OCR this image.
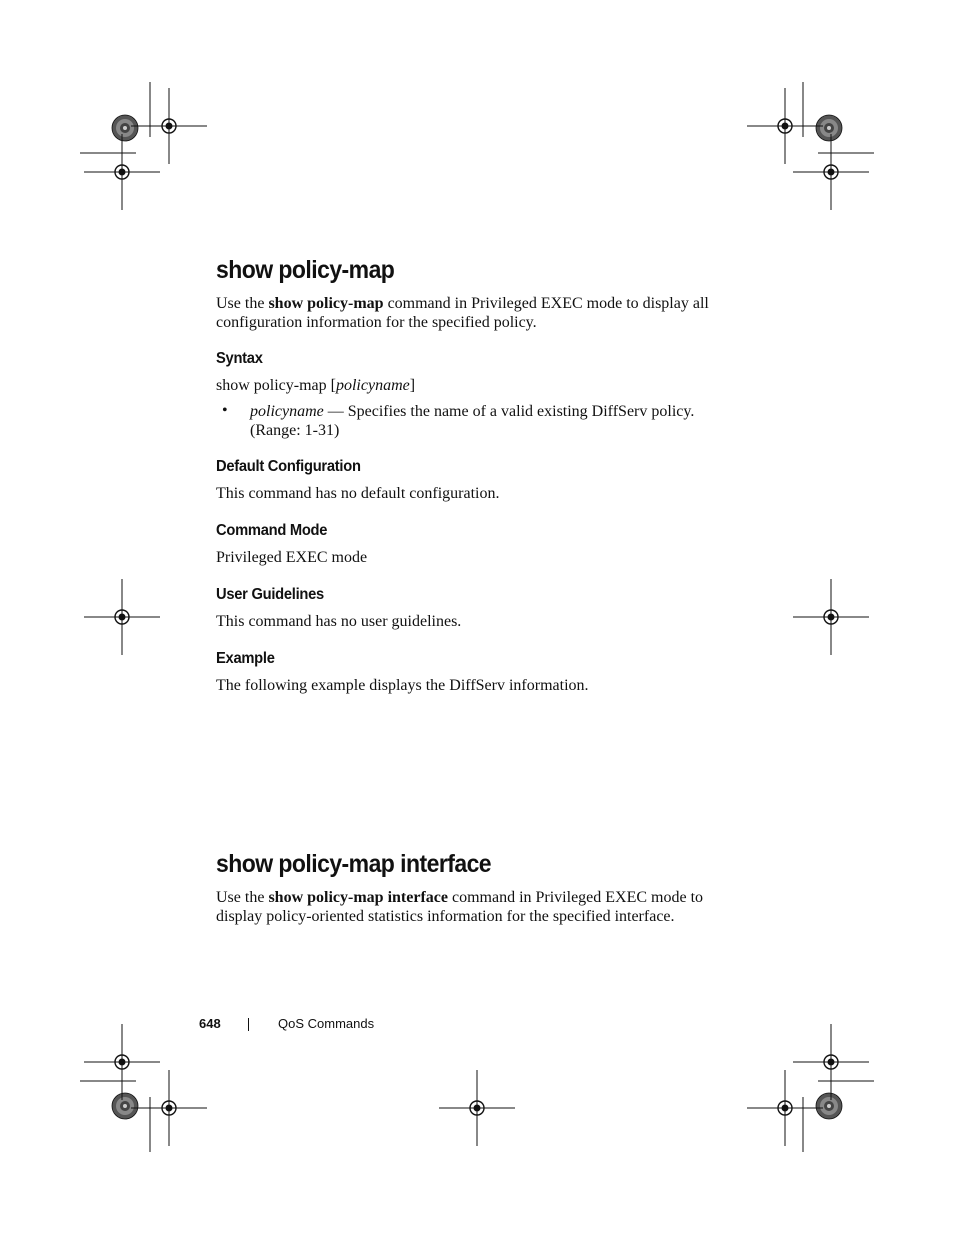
show policy-map
Use the show policy-map command in Privileged EXEC mode to display all
configuration information for the specified policy.
Syntax
show policy-map [policyname]
• policyname — Specifies the name of a valid existing DiffServ policy.
(Range: 1-31)
Default Configuration
This command has no default configuration.
Command Mode
Privileged EXEC mode
User Guidelines
This command has no user guidelines.
Example
The following example displays the DiffServ information.
show policy-map interface
Use the show policy-map interface command in Privileged EXEC mode to
display policy-oriented statistics information for the specified interface.
648	QoS Commands
